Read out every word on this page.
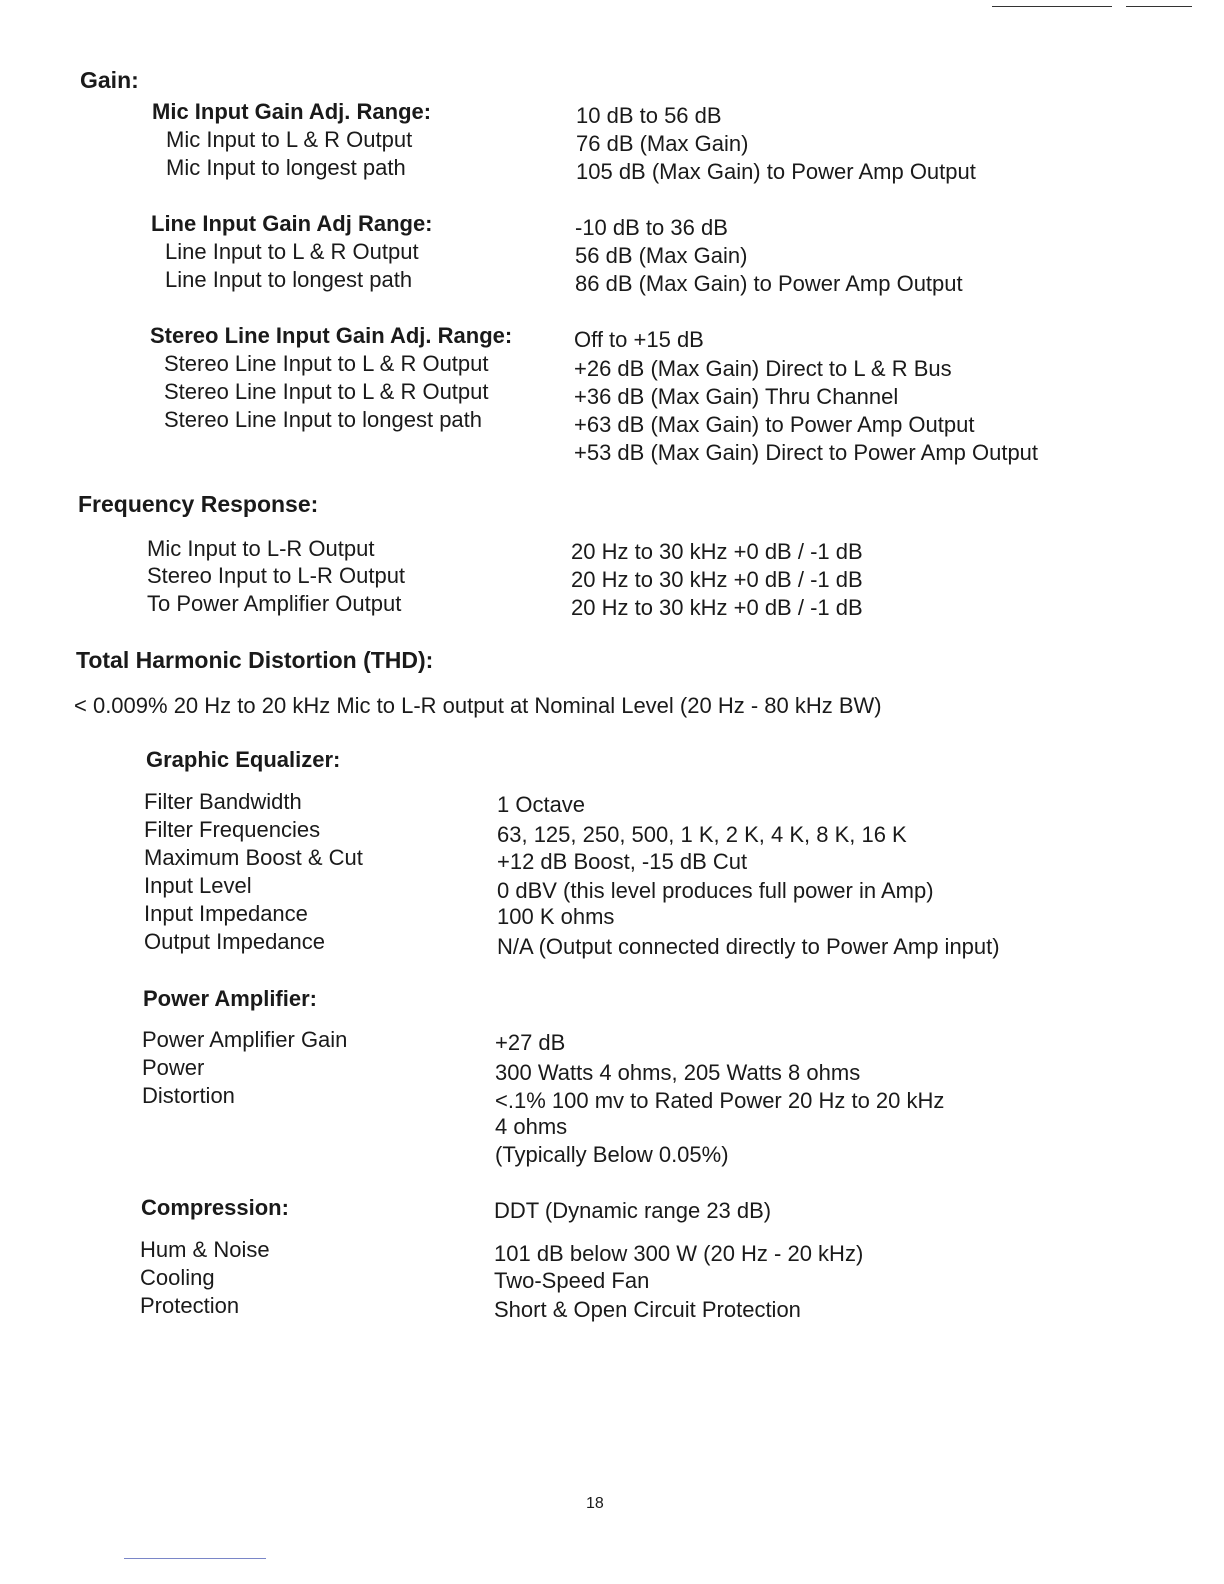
Gain:
Mic Input Gain Adj. Range:	10 dB to 56 dB
Mic Input to L & R Output	76 dB (Max Gain)
Mic Input to longest path	105 dB (Max Gain) to Power Amp Output
Line Input Gain Adj Range:	-10 dB to 36 dB
Line Input to L & R Output	56 dB (Max Gain)
Line Input to longest path	86 dB (Max Gain) to Power Amp Output
Stereo Line Input Gain Adj. Range:	Off to +15 dB
Stereo Line Input to L & R Output	+26 dB (Max Gain) Direct to L & R Bus
Stereo Line Input to L & R Output	+36 dB (Max Gain) Thru Channel
Stereo Line Input to longest path	+63 dB (Max Gain) to Power Amp Output
+53 dB (Max Gain) Direct to Power Amp Output
Frequency Response:
Mic Input to L-R Output	20 Hz to 30 kHz +0 dB / -1 dB
Stereo Input to L-R Output	20 Hz to 30 kHz +0 dB / -1 dB
To Power Amplifier Output	20 Hz to 30 kHz +0 dB / -1 dB
Total Harmonic Distortion (THD):
< 0.009% 20 Hz to 20 kHz Mic to L-R output at Nominal Level (20 Hz - 80 kHz BW)
Graphic Equalizer:
Filter Bandwidth	1 Octave
Filter Frequencies	63, 125, 250, 500, 1 K, 2 K, 4 K, 8 K, 16 K
Maximum Boost & Cut	+12 dB Boost, -15 dB Cut
Input Level	0 dBV (this level produces full power in Amp)
Input Impedance	100 K ohms
Output Impedance	N/A (Output connected directly to Power Amp input)
Power Amplifier:
Power Amplifier Gain	+27 dB
Power	300 Watts 4 ohms, 205 Watts 8 ohms
Distortion	<.1% 100 mv to Rated Power 20 Hz to 20 kHz
4 ohms
(Typically Below 0.05%)
Compression:	DDT (Dynamic range 23 dB)
Hum & Noise	101 dB below 300 W (20 Hz - 20 kHz)
Cooling	Two-Speed Fan
Protection	Short & Open Circuit Protection
18
